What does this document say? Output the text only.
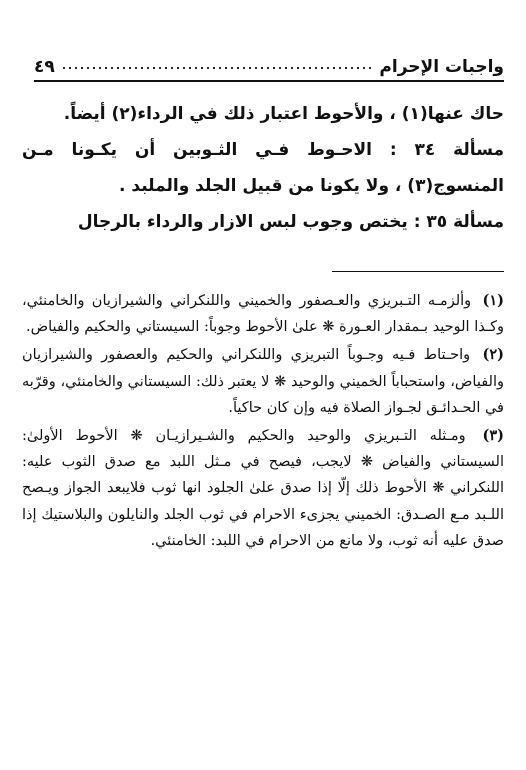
واجبات الإحرام
٤٩

حاك عنها(١) ، والأحوط اعتبار ذلك في الرداء(٢) أيضاً.

مسألة ٣٤ : الاحـوط فـي الثـوبين أن يكـونا مـن المنسوج(٣) ، ولا يكونا من قبيل الجلد والملبد .

مسألة ٣٥ : يختص وجوب لبس الازار والرداء بالرجال

(١) وألزمـه التـبريزي والعـصفور والخميني واللنكراني والشيرازيان والخامنئي، وكـذا الوحيد بـمقدار العـورة ❋ علىٰ الأحوط وجوباً: السيستاني والحكيم والفياض.

(٢) واحـتاط فـيه وجـوباً التبريزي واللنكراني والحكيم والعصفور والشيرازيان والفياض، واستحباباً الخميني والوحيد ❋ لا يعتبر ذلك: السيستاني والخامنئي، وقرّبه في الحـدائـق لجـواز الصلاة فيه وإن كان حاكياً.

(٣) ومـثله التـبريزي والوحيد والحكيم والشـيرازيـان ❋ الأحوط الأولىٰ: السيستاني والفياض ❋ لايجب، فيصح في مـثل اللبد مع صدق الثوب عليه: اللنكراني ❋ الأحوط ذلك إلّا إذا صدق علىٰ الجلود انها ثوب فلايبعد الجواز ويـصح اللـبد مـع الصـدق: الخميني يجزىء الاحرام في ثوب الجلد والنايلون والبلاستيك إذا صدق عليه أنه ثوب، ولا مانع من الاحرام في اللبد: الخامنئي.
